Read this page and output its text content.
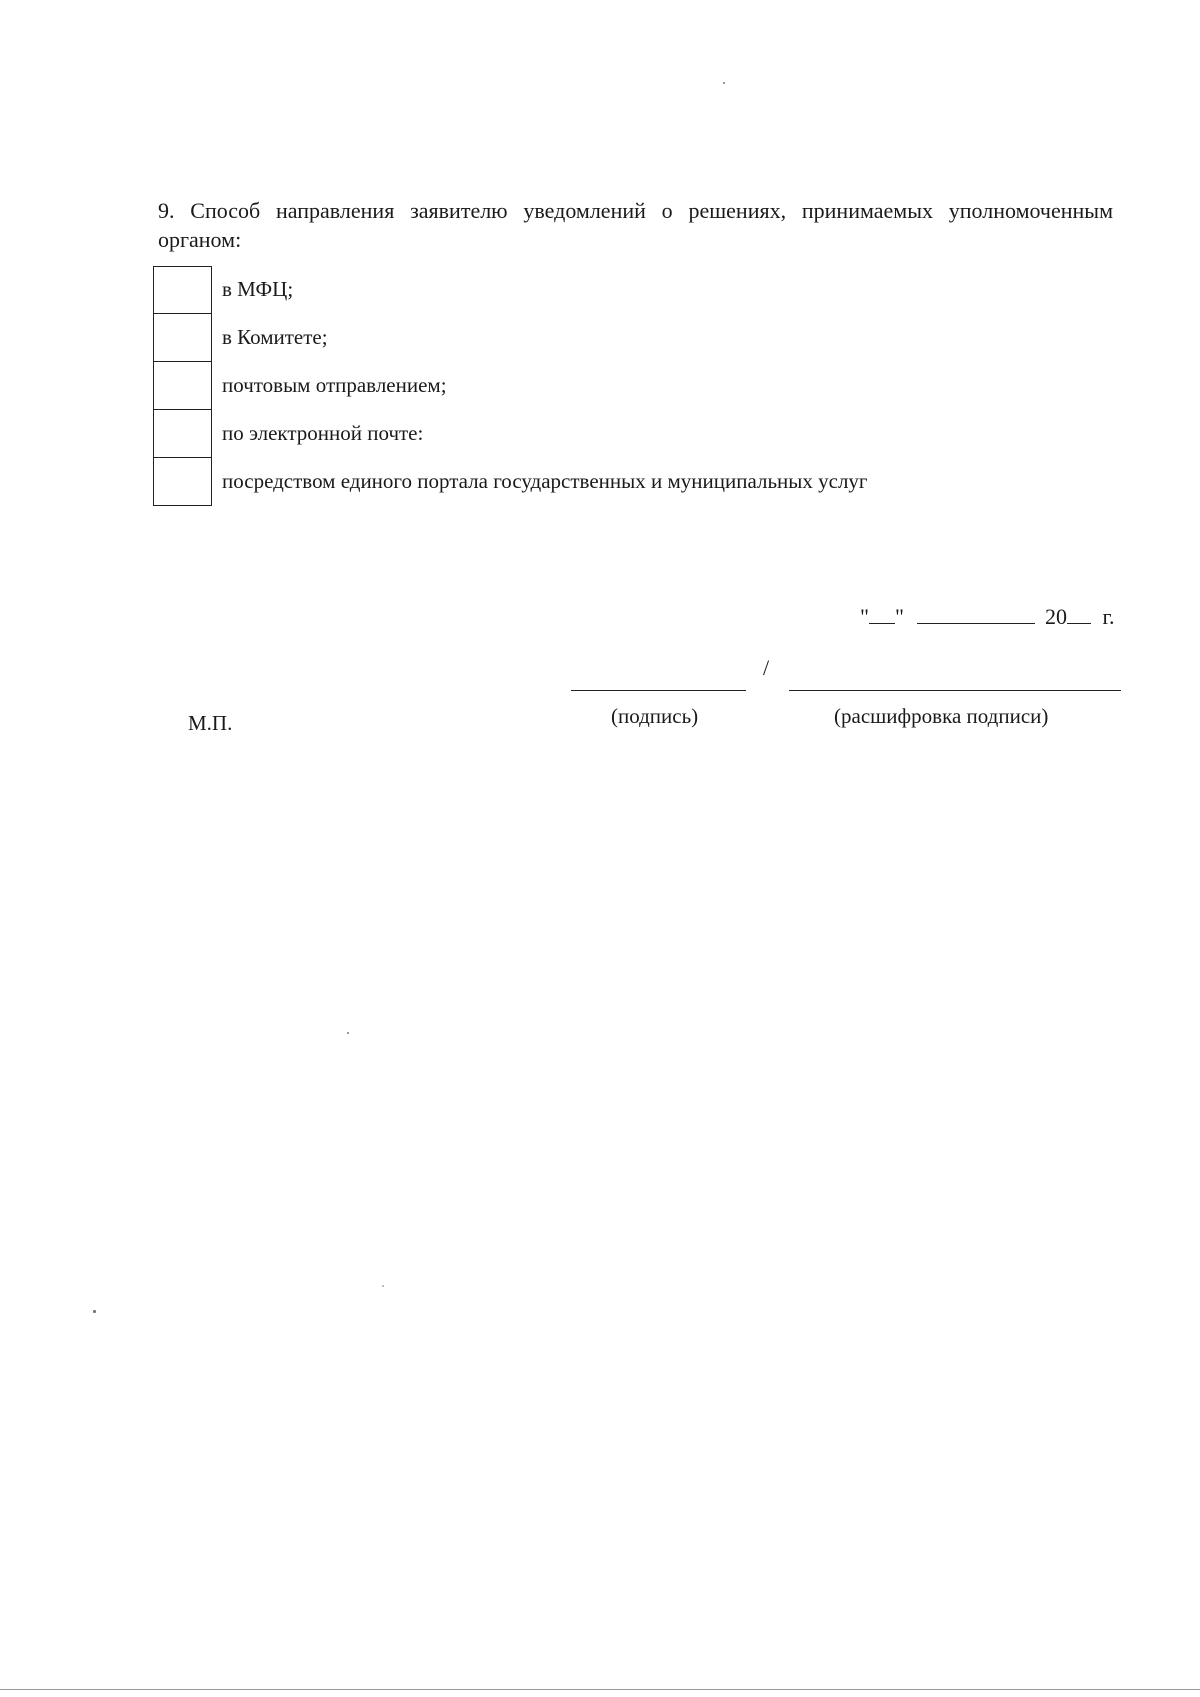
9. Способ направления заявителю уведомлений о решениях, принимаемых уполномоченным органом:
в МФЦ;
в Комитете;
почтовым отправлением;
по электронной почте:
посредством единого портала государственных и муниципальных услуг
" "	20 г.
/
М.П.	(подпись)	(расшифровка подписи)
